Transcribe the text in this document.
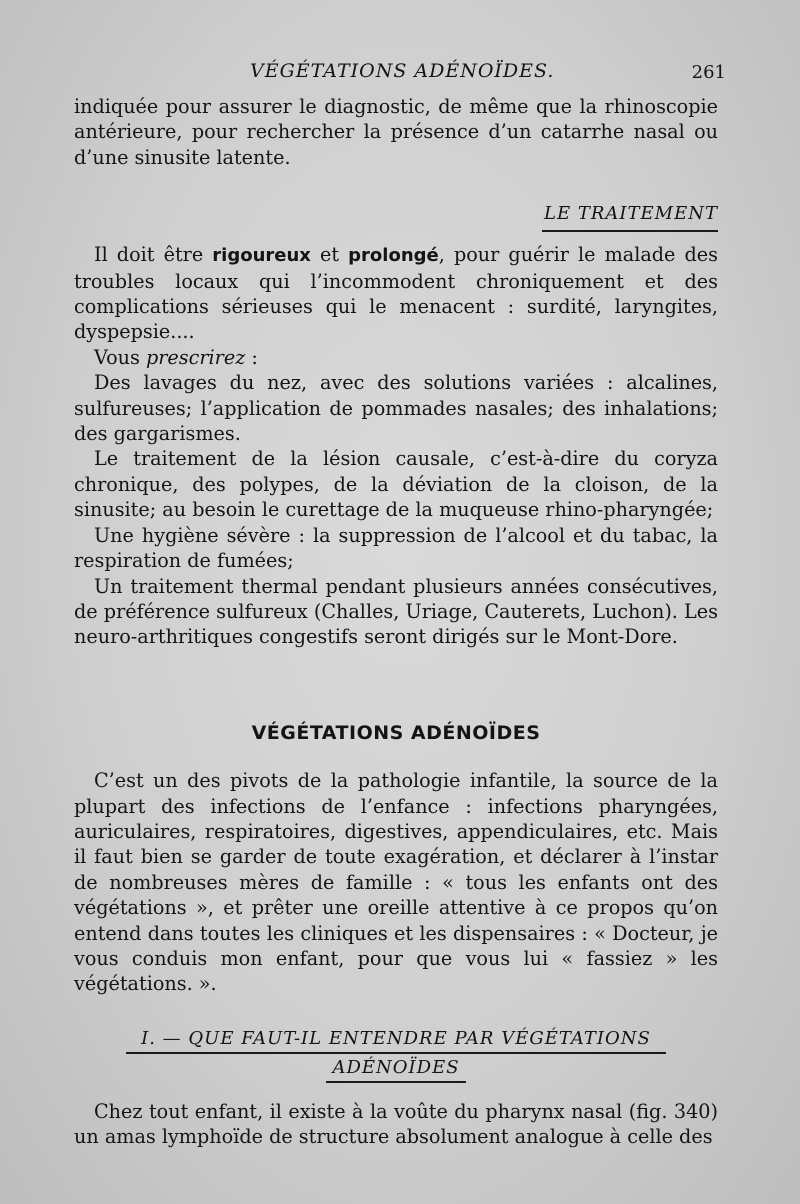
VÉGÉTATIONS ADÉNOÏDES.	261

indiquée pour assurer le diagnostic, de même que la rhinoscopie antérieure, pour rechercher la présence d’un catarrhe nasal ou d’une sinusite latente.

LE TRAITEMENT

Il doit être rigoureux et prolongé, pour guérir le malade des troubles locaux qui l’incommodent chroniquement et des complications sérieuses qui le menacent : surdité, laryngites, dyspepsie....

Vous prescrirez :

Des lavages du nez, avec des solutions variées : alcalines, sulfureuses; l’application de pommades nasales; des inhalations; des gargarismes.

Le traitement de la lésion causale, c’est-à-dire du coryza chronique, des polypes, de la déviation de la cloison, de la sinusite; au besoin le curettage de la muqueuse rhino-pharyngée;

Une hygiène sévère : la suppression de l’alcool et du tabac, la respiration de fumées;

Un traitement thermal pendant plusieurs années consécutives, de préférence sulfureux (Challes, Uriage, Cauterets, Luchon). Les neuro-arthritiques congestifs seront dirigés sur le Mont-Dore.

VÉGÉTATIONS ADÉNOÏDES

C’est un des pivots de la pathologie infantile, la source de la plupart des infections de l’enfance : infections pharyngées, auriculaires, respiratoires, digestives, appendiculaires, etc. Mais il faut bien se garder de toute exagération, et déclarer à l’instar de nombreuses mères de famille : « tous les enfants ont des végétations », et prêter une oreille attentive à ce propos qu’on entend dans toutes les cliniques et les dispensaires : « Docteur, je vous conduis mon enfant, pour que vous lui « fassiez » les végétations. ».

I. — QUE FAUT-IL ENTENDRE PAR VÉGÉTATIONS
ADÉNOÏDES

Chez tout enfant, il existe à la voûte du pharynx nasal (fig. 340) un amas lymphoïde de structure absolument analogue à celle des
